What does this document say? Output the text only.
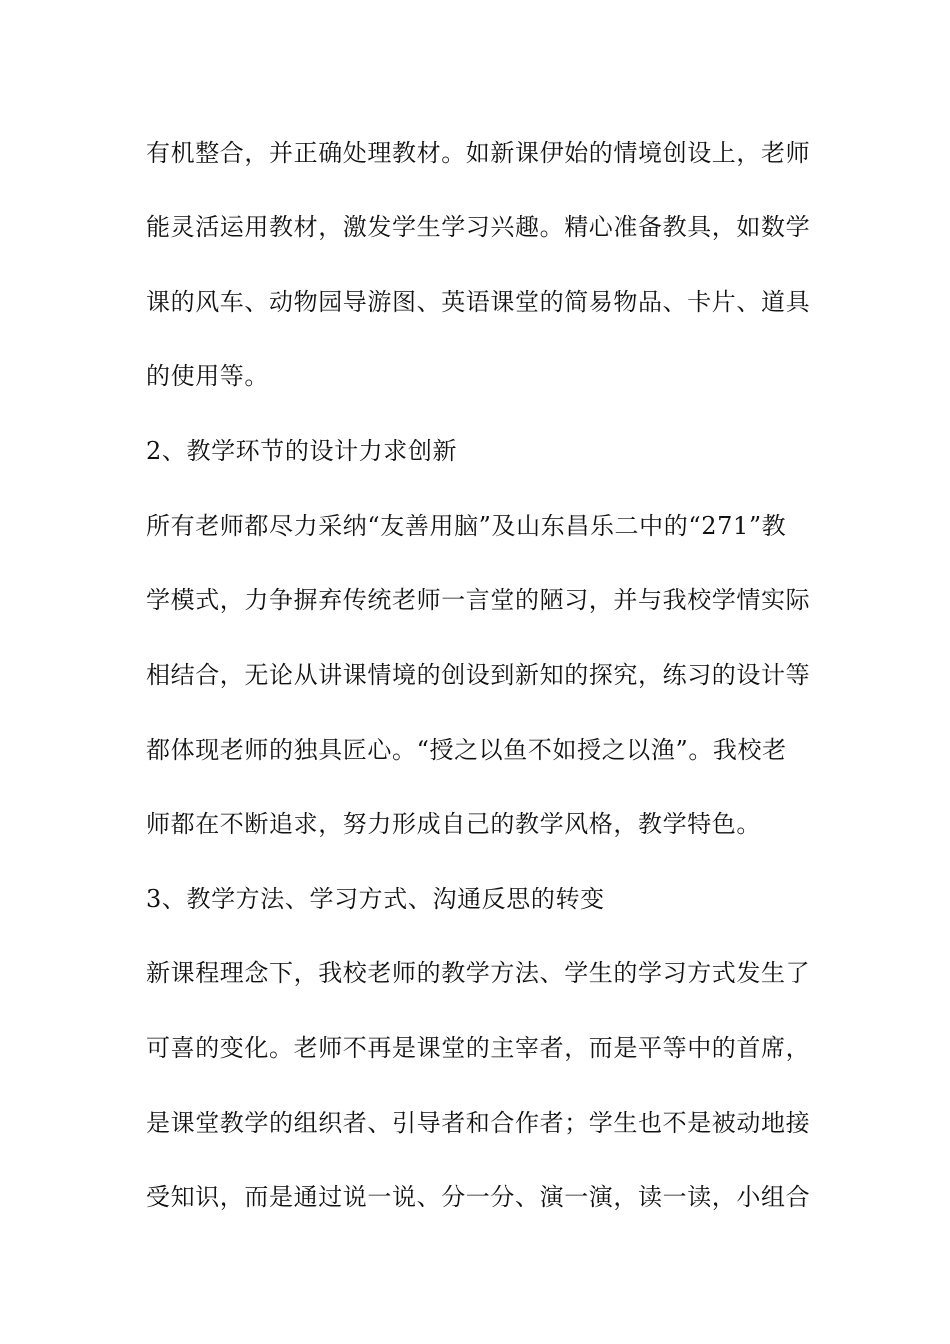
有机整合，并正确处理教材。如新课伊始的情境创设上，老师

能灵活运用教材，激发学生学习兴趣。精心准备教具，如数学

课的风车、动物园导游图、英语课堂的简易物品、卡片、道具

的使用等。

2、教学环节的设计力求创新

所有老师都尽力采纳“友善用脑”及山东昌乐二中的“271”教

学模式，力争摒弃传统老师一言堂的陋习，并与我校学情实际

相结合，无论从讲课情境的创设到新知的探究，练习的设计等

都体现老师的独具匠心。“授之以鱼不如授之以渔”。我校老

师都在不断追求，努力形成自己的教学风格，教学特色。

3、教学方法、学习方式、沟通反思的转变

新课程理念下，我校老师的教学方法、学生的学习方式发生了

可喜的变化。老师不再是课堂的主宰者，而是平等中的首席，

是课堂教学的组织者、引导者和合作者；学生也不是被动地接

受知识，而是通过说一说、分一分、演一演，读一读，小组合
